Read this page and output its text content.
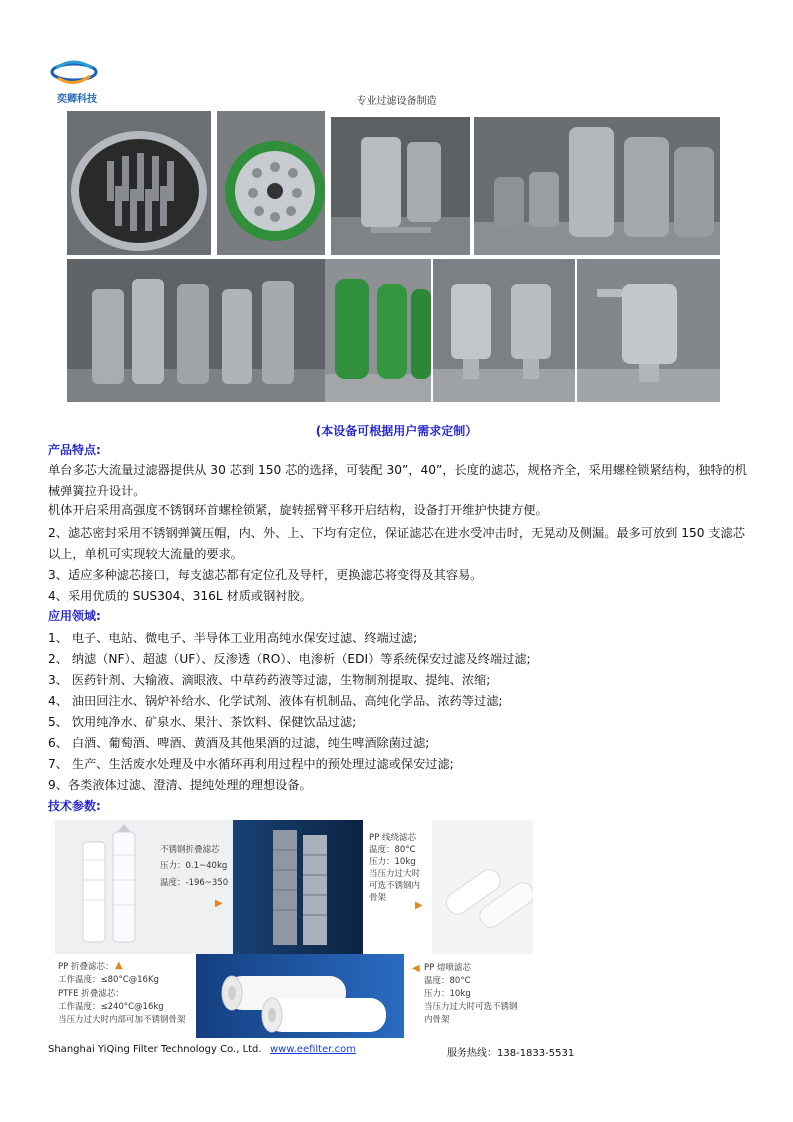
奕卿科技	专业过滤设备制造
(本设备可根据用户需求定制）
产品特点:
单台多芯大流量过滤器提供从 30 芯到 150 芯的选择，可装配 30”，40”，长度的滤芯，规格齐全，采用螺栓锁紧结构，独特的机械弹簧拉升设计。
机体开启采用高强度不锈钢环首螺栓锁紧，旋转摇臂平移开启结构，设备打开维护快捷方便。
2、滤芯密封采用不锈钢弹簧压帽，内、外、上、下均有定位，保证滤芯在进水受冲击时，无晃动及侧漏。最多可放到 150 支滤芯以上，单机可实现较大流量的要求。
3、适应多种滤芯接口，每支滤芯都有定位孔及导杆，更换滤芯将变得及其容易。
4、采用优质的 SUS304、316L 材质或钢衬胶。
应用领域:
1、 电子、电站、微电子、半导体工业用高纯水保安过滤、终端过滤;
2、 纳滤（NF）、超滤（UF）、反渗透（RO）、电渗析（EDI）等系统保安过滤及终端过滤;
3、 医药针剂、大输液、滴眼液、中草药药液等过滤，生物制剂提取、提纯、浓缩;
4、 油田回注水、锅炉补给水、化学试剂、液体有机制品、高纯化学品、浓药等过滤;
5、 饮用纯净水、矿泉水、果汁、茶饮料、保健饮品过滤;
6、 白酒、葡萄酒、啤酒、黄酒及其他果酒的过滤，纯生啤酒除菌过滤;
7、 生产、生活废水处理及中水循环再利用过程中的预处理过滤或保安过滤;
9、各类液体过滤、澄清、提纯处理的理想设备。
技术参数:
不锈钢折叠滤芯
压力：0.1~40kg
温度：-196~350
▶
PP 线绕滤芯
温度：80°C
压力：10kg
当压力过大时
可选不锈钢内
骨架
▶
PP 折叠滤芯： ▲
工作温度：≤80°C@16Kg
PTFE 折叠滤芯：
工作温度：≤240°C@16kg
当压力过大时内部可加不锈钢骨架
◀ PP 熔喷滤芯
温度：80°C
压力：10kg
当压力过大时可选不锈钢
内骨架
Shanghai YiQing Filter Technology Co., Ltd. www.eefilter.com	服务热线：138-1833-5531
